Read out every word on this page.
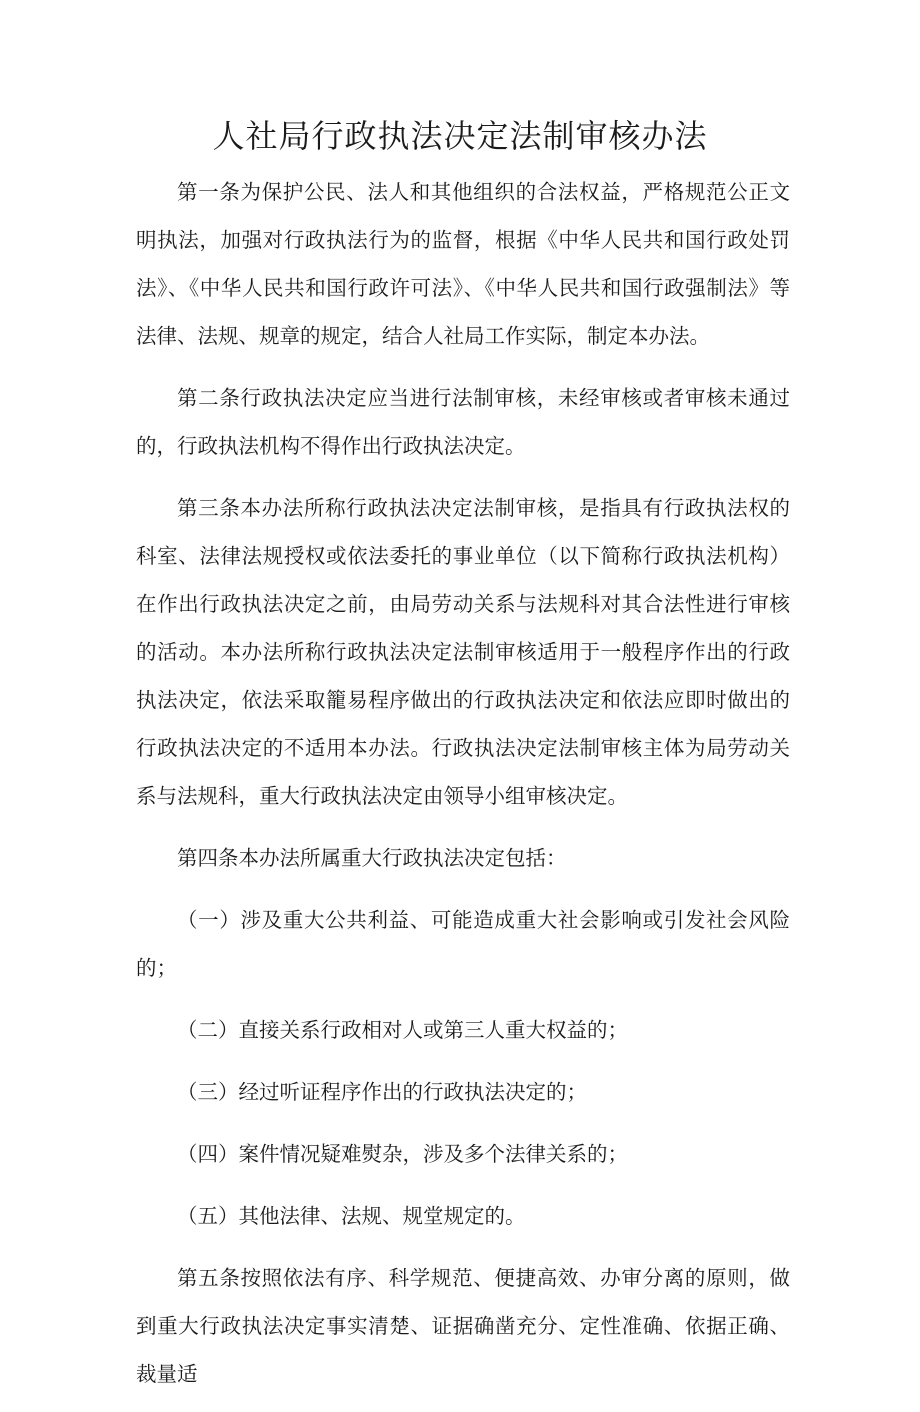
人社局行政执法决定法制审核办法

第一条为保护公民、法人和其他组织的合法权益，严格规范公正文明执法，加强对行政执法行为的监督，根据《中华人民共和国行政处罚法》、《中华人民共和国行政许可法》、《中华人民共和国行政强制法》等法律、法规、规章的规定，结合人社局工作实际，制定本办法。

第二条行政执法决定应当进行法制审核，未经审核或者审核未通过的，行政执法机构不得作出行政执法决定。

第三条本办法所称行政执法决定法制审核，是指具有行政执法权的科室、法律法规授权或依法委托的事业单位（以下简称行政执法机构）在作出行政执法决定之前，由局劳动关系与法规科对其合法性进行审核的活动。本办法所称行政执法决定法制审核适用于一般程序作出的行政执法决定，依法采取籠易程序做出的行政执法决定和依法应即时做出的行政执法决定的不适用本办法。行政执法决定法制审核主体为局劳动关系与法规科，重大行政执法决定由领导小组审核决定。

第四条本办法所属重大行政执法决定包括：

（一）涉及重大公共利益、可能造成重大社会影响或引发社会风险的；

（二）直接关系行政相对人或第三人重大权益的；

（三）经过听证程序作出的行政执法决定的；

（四）案件情况疑难熨杂，涉及多个法律关系的；

（五）其他法律、法规、规堂规定的。

第五条按照依法有序、科学规范、便捷高效、办审分离的原则，做到重大行政执法决定事实清楚、证据确凿充分、定性准确、依据正确、裁量适
